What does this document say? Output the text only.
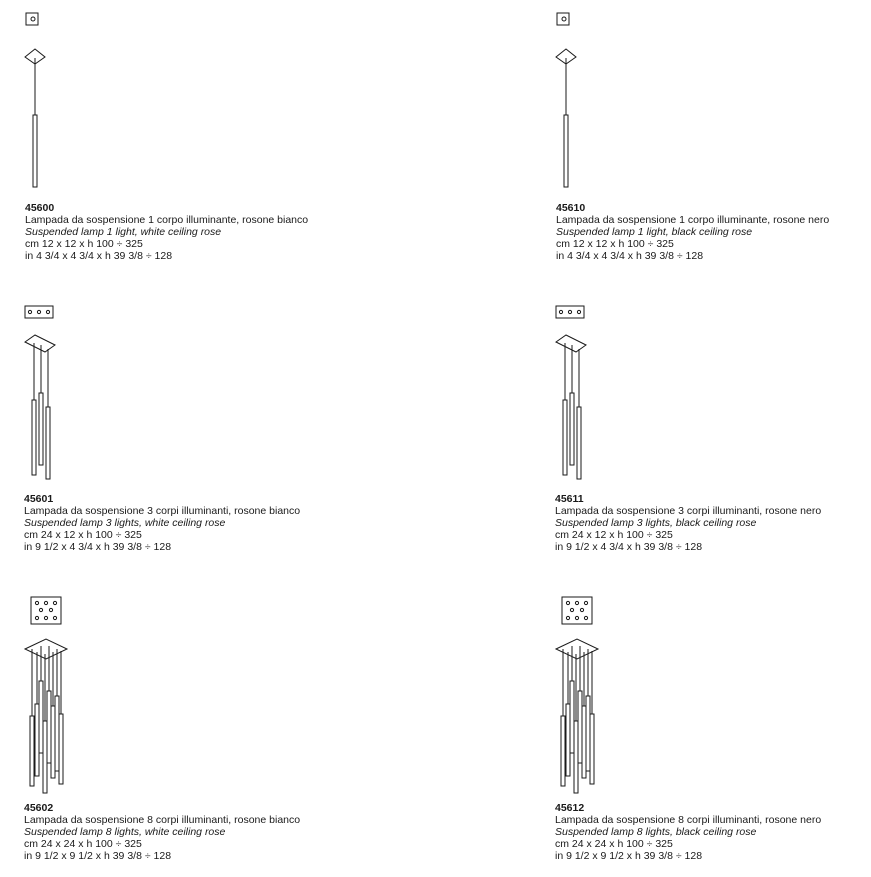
45600
Lampada da sospensione 1 corpo illuminante, rosone bianco
Suspended lamp 1 light, white ceiling rose
cm 12 x 12 x h 100 ÷ 325
in 4 3/4 x 4 3/4 x h 39 3/8 ÷ 128
45610
Lampada da sospensione 1 corpo illuminante, rosone nero
Suspended lamp 1 light, black ceiling rose
cm 12 x 12 x h 100 ÷ 325
in 4 3/4 x 4 3/4 x h 39 3/8 ÷ 128
45601
Lampada da sospensione 3 corpi illuminanti, rosone bianco
Suspended lamp 3 lights, white ceiling rose
cm 24 x 12 x h 100 ÷ 325
in 9 1/2 x 4 3/4 x h 39 3/8 ÷ 128
45611
Lampada da sospensione 3 corpi illuminanti, rosone nero
Suspended lamp 3 lights, black ceiling rose
cm 24 x 12 x h 100 ÷ 325
in 9 1/2 x 4 3/4 x h 39 3/8 ÷ 128
45602
Lampada da sospensione 8 corpi illuminanti, rosone bianco
Suspended lamp 8 lights, white ceiling rose
cm 24 x 24 x h 100 ÷ 325
in 9 1/2 x 9 1/2 x h 39 3/8 ÷ 128
45612
Lampada da sospensione 8 corpi illuminanti, rosone nero
Suspended lamp 8 lights, black ceiling rose
cm 24 x 24 x h 100 ÷ 325
in 9 1/2 x 9 1/2 x h 39 3/8 ÷ 128
